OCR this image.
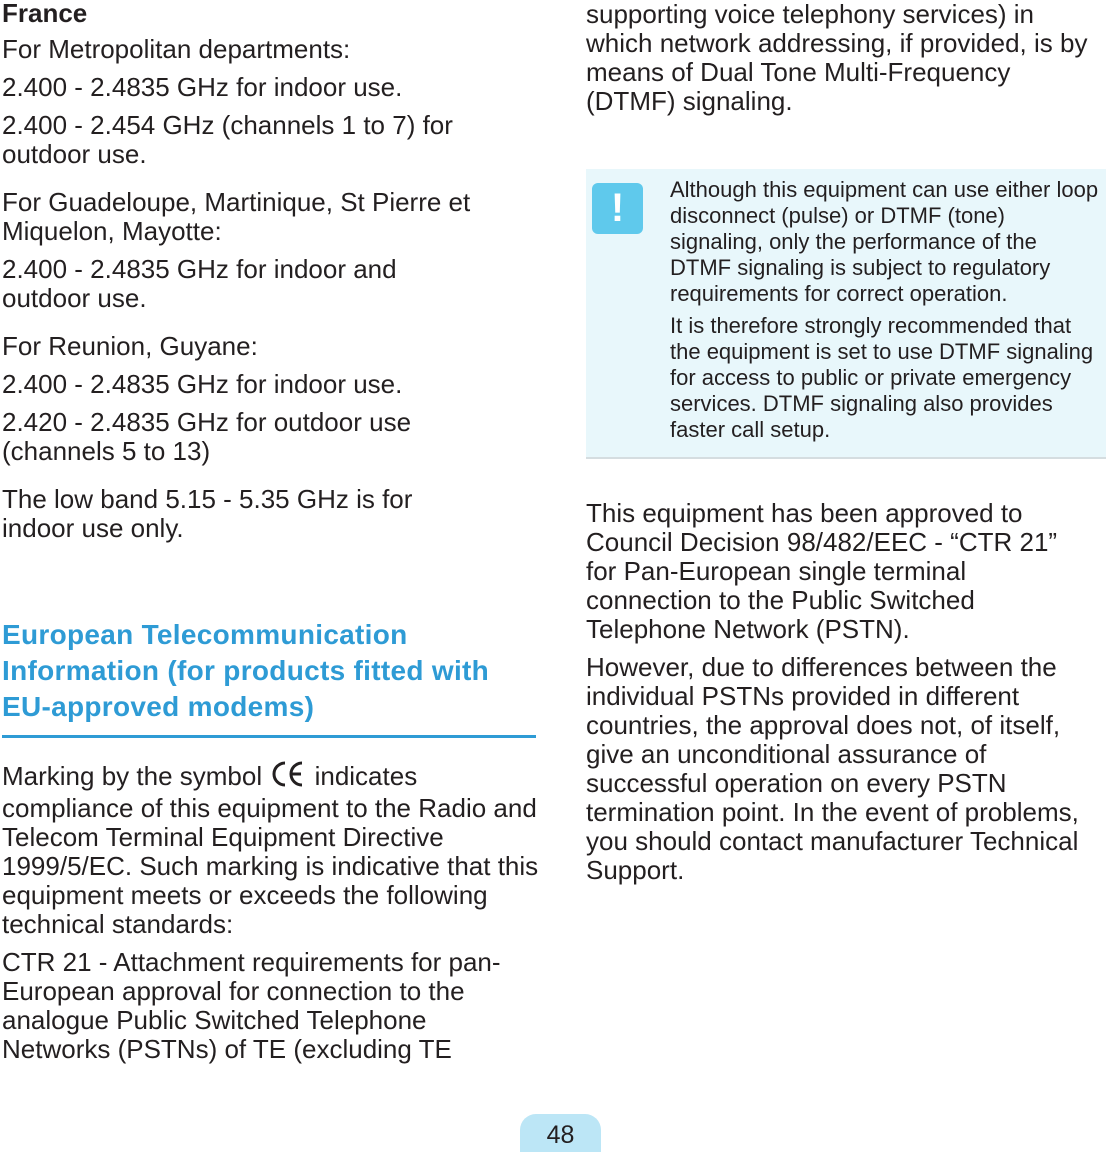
France

For Metropolitan departments:

2.400 - 2.4835 GHz for indoor use.

2.400 - 2.454 GHz (channels 1 to 7) for outdoor use.

For Guadeloupe, Martinique, St Pierre et Miquelon, Mayotte:

2.400 - 2.4835 GHz for indoor and outdoor use.

For Reunion, Guyane:

2.400 - 2.4835 GHz for indoor use.

2.420 - 2.4835 GHz for outdoor use (channels 5 to 13)

The low band 5.15 - 5.35 GHz is for indoor use only.

European Telecommunication Information (for products fitted with EU-approved modems)

Marking by the symbol indicates compliance of this equipment to the Radio and Telecom Terminal Equipment Directive 1999/5/EC. Such marking is indicative that this equipment meets or exceeds the following technical standards:

CTR 21 - Attachment requirements for pan-European approval for connection to the analogue Public Switched Telephone Networks (PSTNs) of TE (excluding TE

supporting voice telephony services) in which network addressing, if provided, is by means of Dual Tone Multi-Frequency (DTMF) signaling.

!	Although this equipment can use either loop disconnect (pulse) or DTMF (tone) signaling, only the performance of the DTMF signaling is subject to regulatory requirements for correct operation.

It is therefore strongly recommended that the equipment is set to use DTMF signaling for access to public or private emergency services. DTMF signaling also provides faster call setup.

This equipment has been approved to Council Decision 98/482/EEC - “CTR 21” for Pan-European single terminal connection to the Public Switched Telephone Network (PSTN).

However, due to differences between the individual PSTNs provided in different countries, the approval does not, of itself, give an unconditional assurance of successful operation on every PSTN termination point. In the event of problems, you should contact manufacturer Technical Support.

48
